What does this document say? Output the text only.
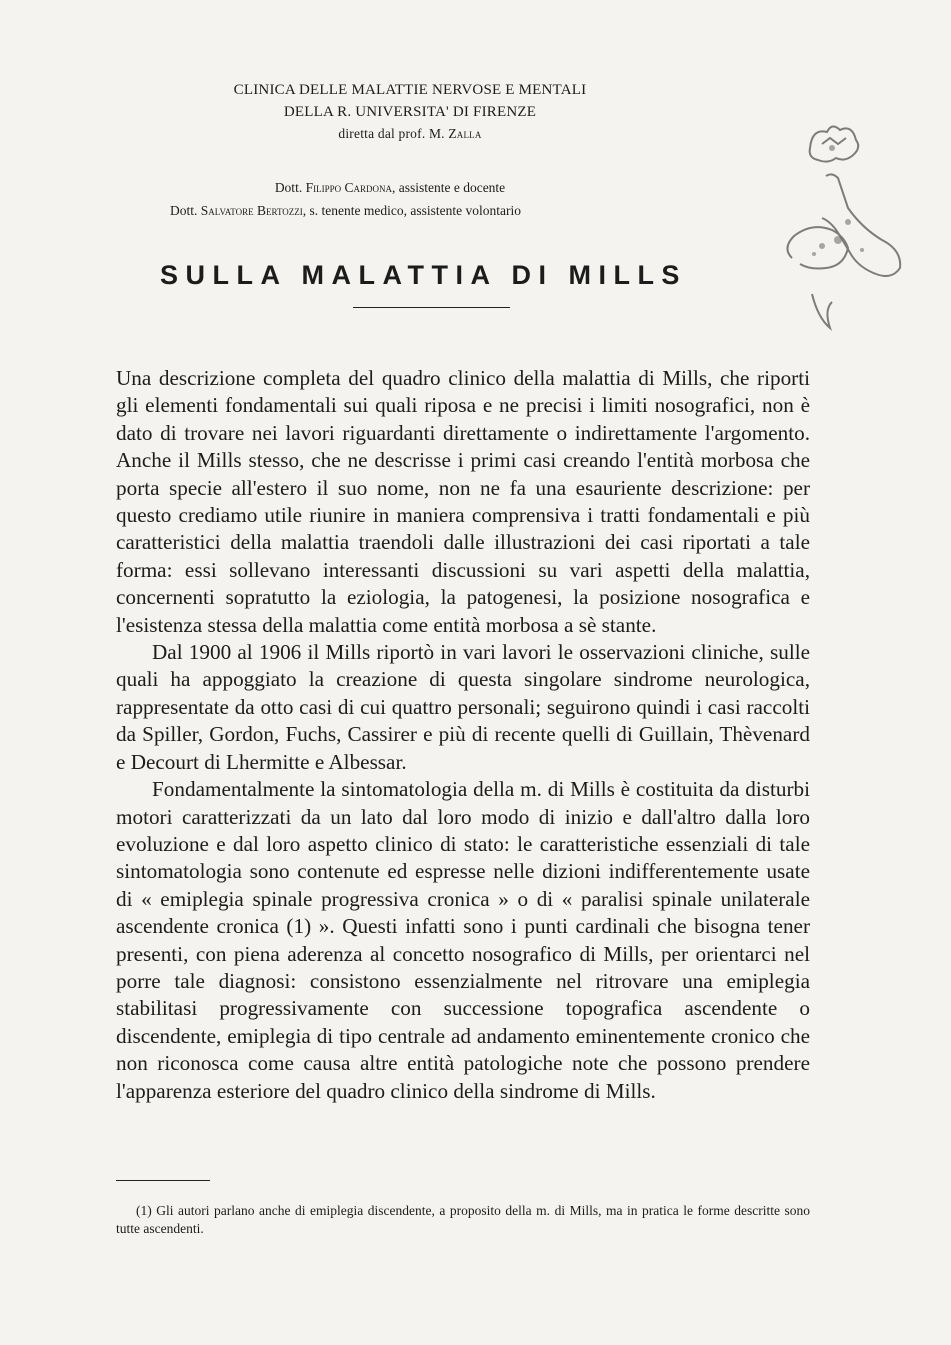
CLINICA DELLE MALATTIE NERVOSE E MENTALI
DELLA R. UNIVERSITA' DI FIRENZE
diretta dal prof. M. Zalla
Dott. Filippo Cardona, assistente e docente
Dott. Salvatore Bertozzi, s. tenente medico, assistente volontario
SULLA MALATTIA DI MILLS

Una descrizione completa del quadro clinico della malattia di Mills, che riporti gli elementi fondamentali sui quali riposa e ne precisi i limiti nosografici, non è dato di trovare nei lavori riguardanti direttamente o indirettamente l'argomento. Anche il Mills stesso, che ne descrisse i primi casi creando l'entità morbosa che porta specie all'estero il suo nome, non ne fa una esauriente descrizione: per questo crediamo utile riunire in maniera comprensiva i tratti fondamentali e più caratteristici della malattia traendoli dalle illustrazioni dei casi riportati a tale forma: essi sollevano interessanti discussioni su vari aspetti della malattia, concernenti sopratutto la eziologia, la patogenesi, la posizione nosografica e l'esistenza stessa della malattia come entità morbosa a sè stante.

Dal 1900 al 1906 il Mills riportò in vari lavori le osservazioni cliniche, sulle quali ha appoggiato la creazione di questa singolare sindrome neurologica, rappresentate da otto casi di cui quattro personali; seguirono quindi i casi raccolti da Spiller, Gordon, Fuchs, Cassirer e più di recente quelli di Guillain, Thèvenard e Decourt di Lhermitte e Albessar.

Fondamentalmente la sintomatologia della m. di Mills è costituita da disturbi motori caratterizzati da un lato dal loro modo di inizio e dall'altro dalla loro evoluzione e dal loro aspetto clinico di stato: le caratteristiche essenziali di tale sintomatologia sono contenute ed espresse nelle dizioni indifferentemente usate di « emiplegia spinale progressiva cronica » o di « paralisi spinale unilaterale ascendente cronica (1) ». Questi infatti sono i punti cardinali che bisogna tener presenti, con piena aderenza al concetto nosografico di Mills, per orientarci nel porre tale diagnosi: consistono essenzialmente nel ritrovare una emiplegia stabilitasi progressivamente con successione topografica ascendente o discendente, emiplegia di tipo centrale ad andamento eminentemente cronico che non riconosca come causa altre entità patologiche note che possono prendere l'apparenza esteriore del quadro clinico della sindrome di Mills.

(1) Gli autori parlano anche di emiplegia discendente, a proposito della m. di Mills, ma in pratica le forme descritte sono tutte ascendenti.
